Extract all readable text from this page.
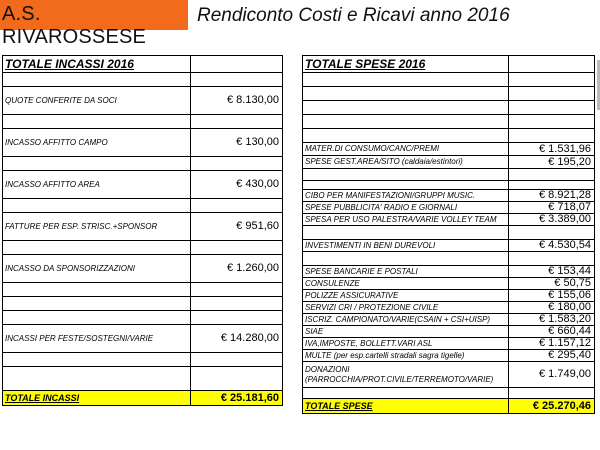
A.S. RIVAROSSESE
Rendiconto Costi e Ricavi anno 2016
TOTALE INCASSI 2016	

QUOTE CONFERITE DA SOCI	€ 8.130,00

INCASSO AFFITTO CAMPO	€ 130,00

INCASSO AFFITTO AREA	€ 430,00

FATTURE PER ESP. STRISC.+SPONSOR	€ 951,60

INCASSO DA SPONSORIZZAZIONI	€ 1.260,00

INCASSI PER FESTE/SOSTEGNI/VARIE	€ 14.280,00

TOTALE INCASSI	€ 25.181,60
TOTALE SPESE 2016	

MATER.DI CONSUMO/CANC/PREMI	€ 1.531,96
SPESE GEST.AREA/SITO (caldaia/estintori)	€ 195,20

CIBO PER MANIFESTAZIONI/GRUPPI MUSIC.	€ 8.921,28
SPESE PUBBLICITA' RADIO E GIORNALI	€ 718,07
SPESA PER USO PALESTRA/VARIE VOLLEY TEAM	€ 3.389,00

INVESTIMENTI IN BENI DUREVOLI	€ 4.530,54

SPESE BANCARIE E POSTALI	€ 153,44
CONSULENZE	€ 50,75
POLIZZE ASSICURATIVE	€ 155,06
SERVIZI CRI / PROTEZIONE CIVILE	€ 180,00
ISCRIZ. CAMPIONATO/VARIE(CSAIN + CSI+UISP)	€ 1.583,20
SIAE	€ 660,44
IVA,IMPOSTE, BOLLETT.VARI ASL	€ 1.157,12
MULTE (per esp.cartelli stradali sagra tigelle)	€ 295,40
DONAZIONI (PARROCCHIA/PROT.CIVILE/TERREMOTO/VARIE)	€ 1.749,00

TOTALE SPESE	€ 25.270,46
